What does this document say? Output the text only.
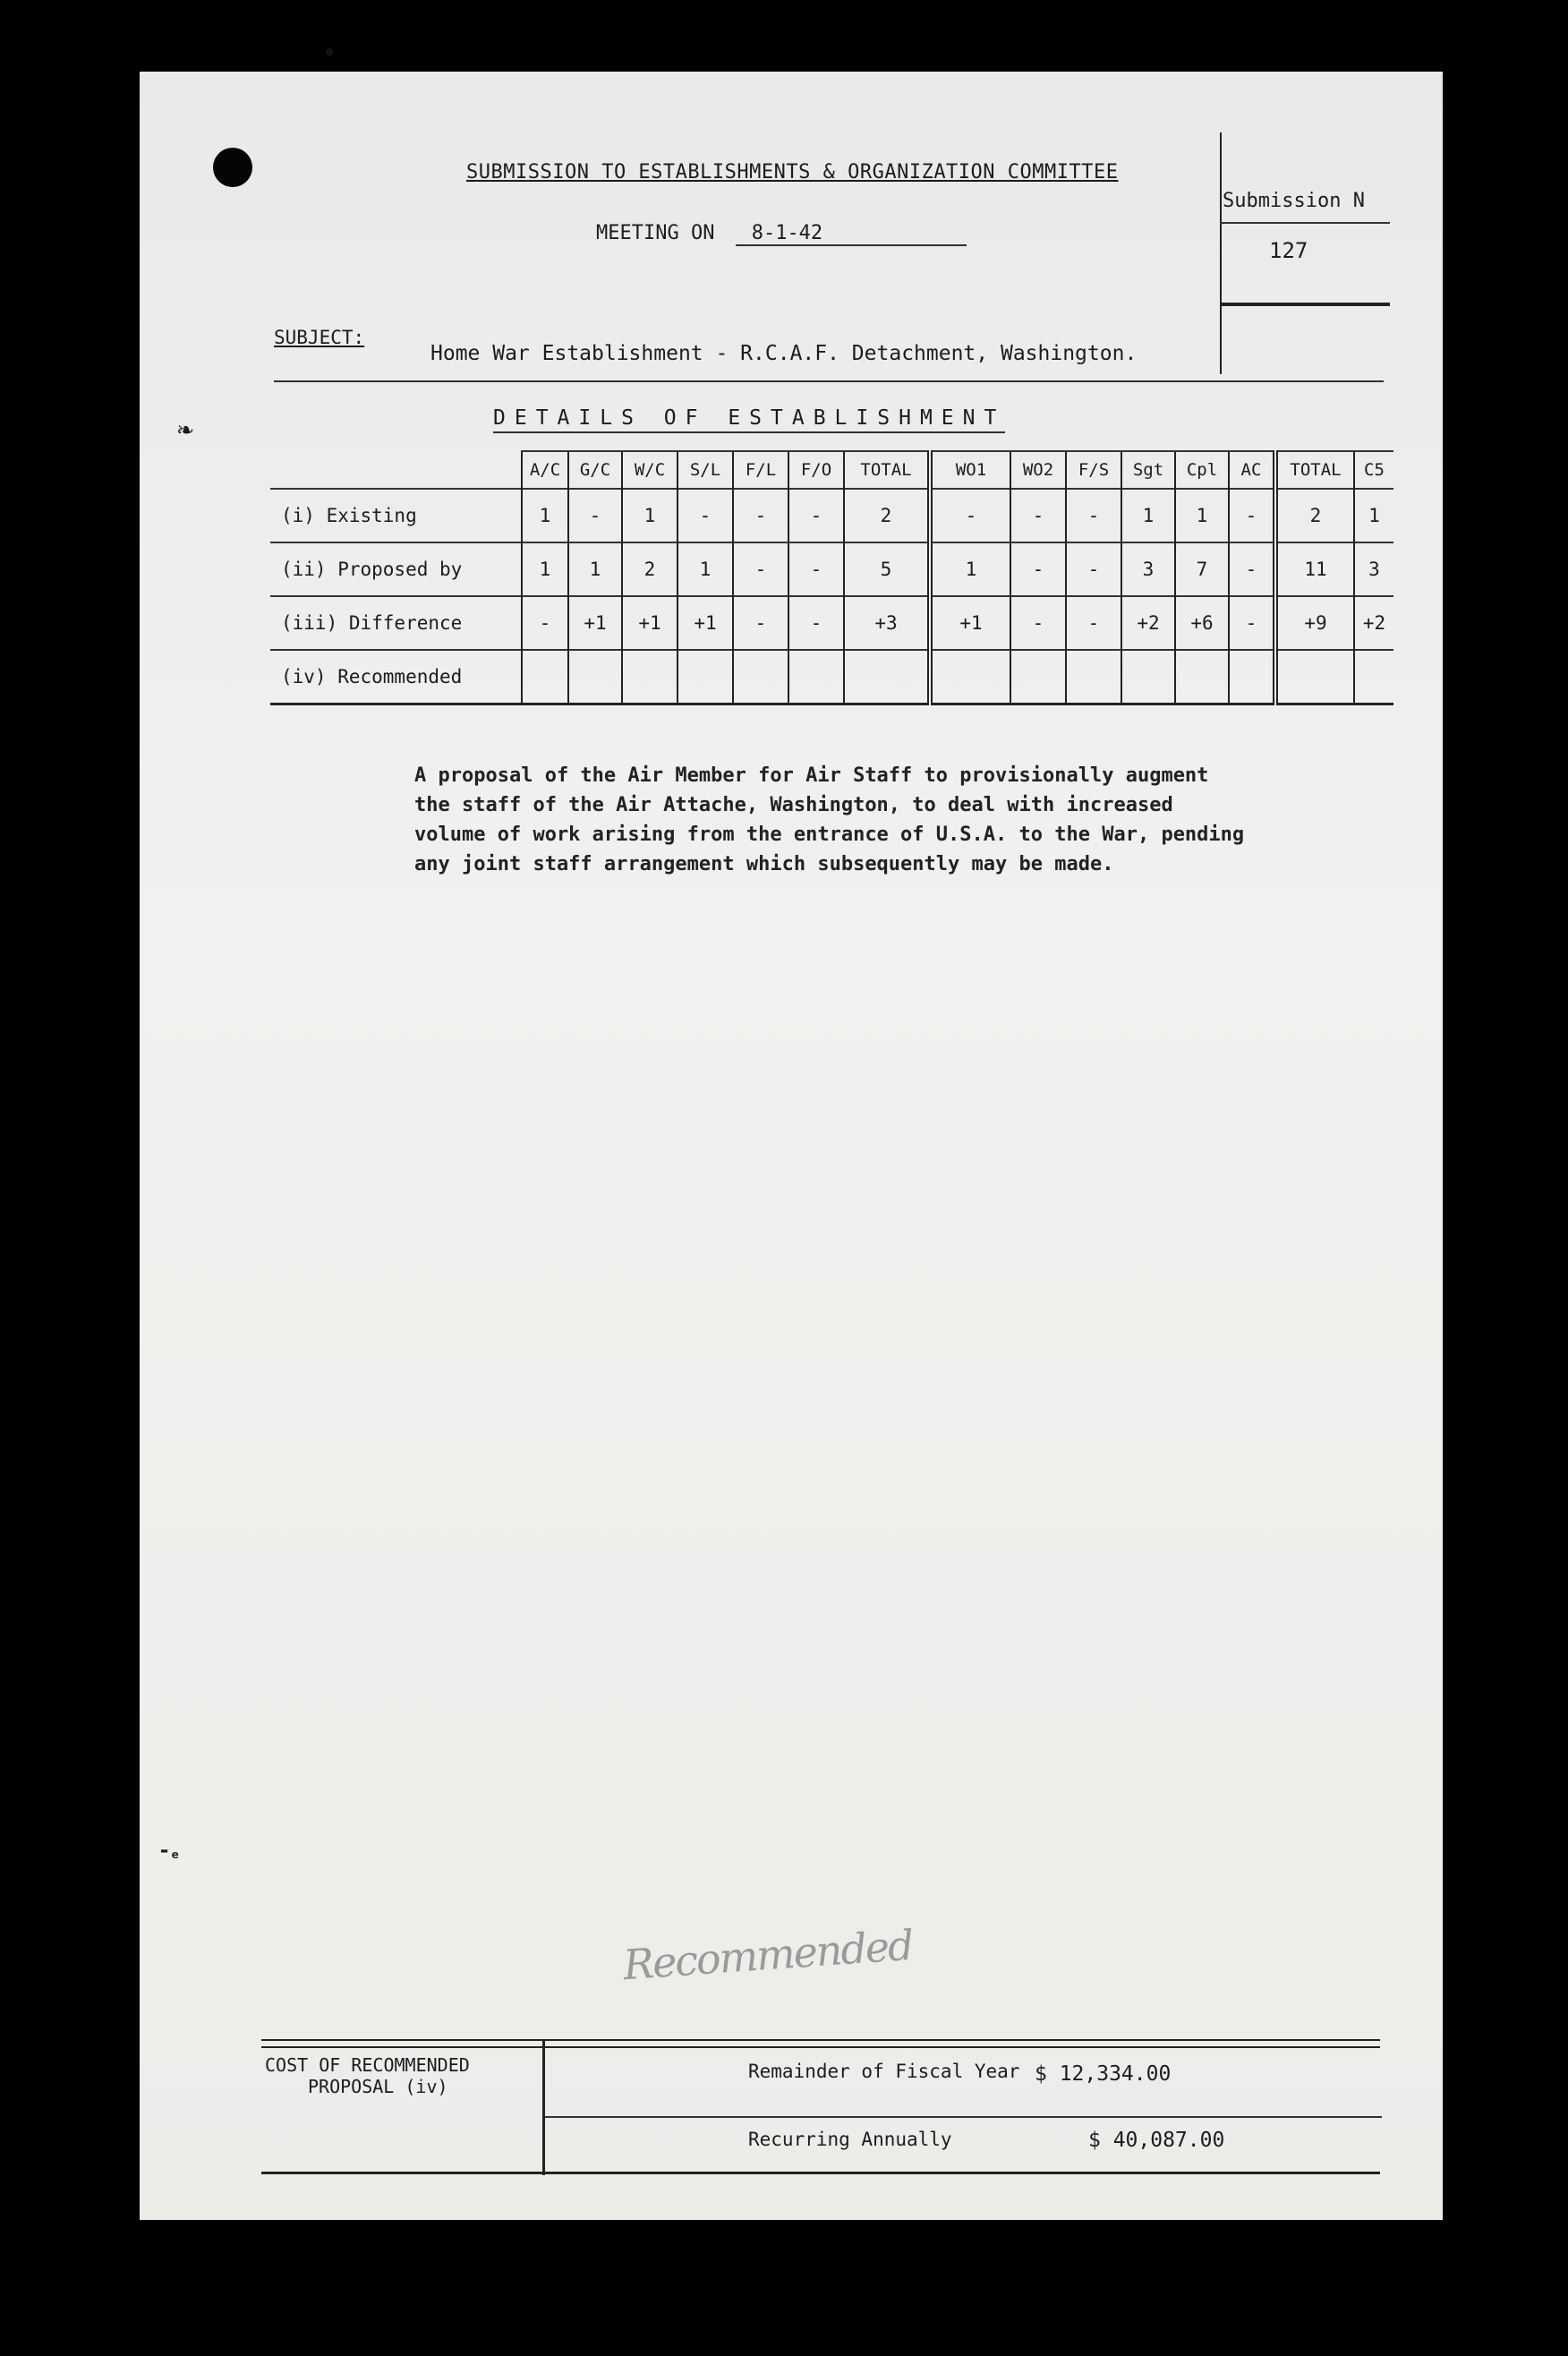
❧
⁃ₑ
SUBMISSION TO ESTABLISHMENTS & ORGANIZATION COMMITTEE
MEETING ON 8-1-42
Submission N
127
SUBJECT:
Home War Establishment - R.C.A.F. Detachment, Washington.
DETAILS OF ESTABLISHMENT
	A/C	G/C	W/C	S/L	F/L	F/O	TOTAL	WO1	WO2	F/S	Sgt	Cpl	AC	TOTAL	C5
(i) Existing	1	-	1	-	-	-	2	-	-	-	1	1	-	2	1
(ii) Proposed by	1	1	2	1	-	-	5	1	-	-	3	7	-	11	3
(iii) Difference	-	+1	+1	+1	-	-	+3	+1	-	-	+2	+6	-	+9	+2
(iv) Recommended															
A proposal of the Air Member for Air Staff to provisionally augment
the staff of the Air Attache, Washington, to deal with increased
volume of work arising from the entrance of U.S.A. to the War, pending
any joint staff arrangement which subsequently may be made.
Recommended
COST OF RECOMMENDED
PROPOSAL (iv)
Remainder of Fiscal Year $ 12,334.00
Recurring Annually	$ 40,087.00
